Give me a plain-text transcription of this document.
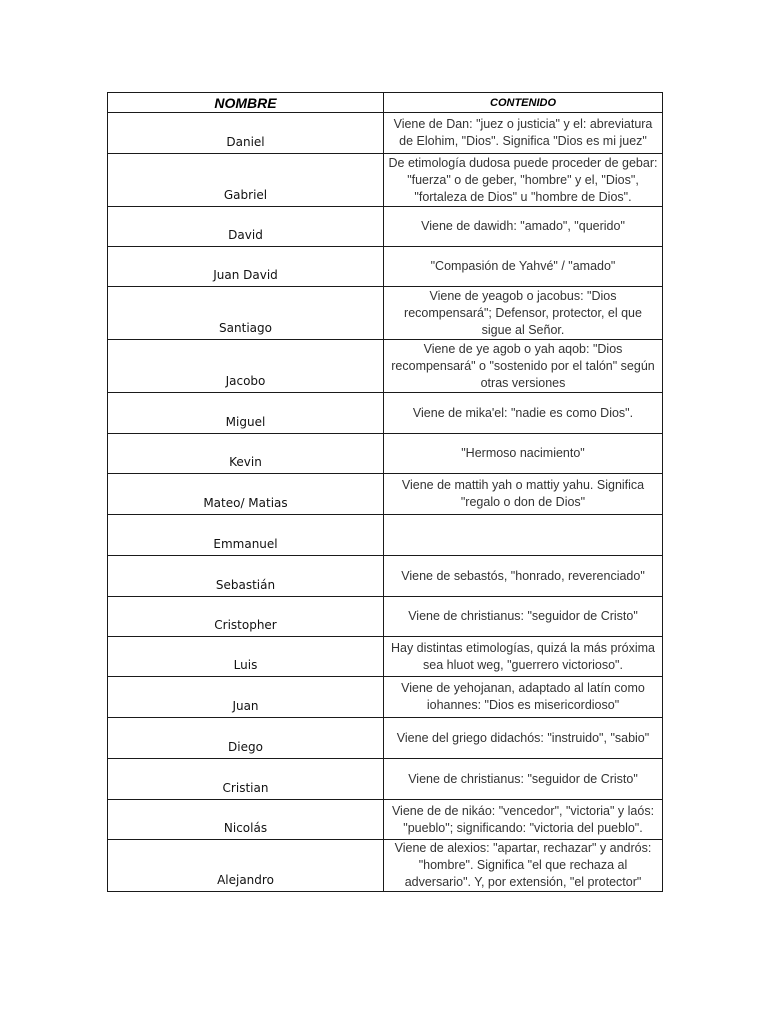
NOMBRE	CONTENIDO
Daniel	Viene de Dan: "juez o justicia" y el: abreviatura de Elohim, "Dios". Significa "Dios es mi juez"
Gabriel	De etimología dudosa puede proceder de gebar: "fuerza" o de geber, "hombre" y el, "Dios", "fortaleza de Dios" u "hombre de Dios".
David	Viene de dawidh: "amado", "querido"
Juan David	"Compasión de Yahvé" / "amado"
Santiago	Viene de yeagob o jacobus: "Dios recompensará"; Defensor, protector, el que sigue al Señor.
Jacobo	Viene de ye agob o yah aqob: "Dios recompensará" o "sostenido por el talón" según otras versiones
Miguel	Viene de mika'el: "nadie es como Dios".
Kevin	"Hermoso nacimiento"
Mateo/ Matias	Viene de mattih yah o mattiy yahu. Significa "regalo o don de Dios"
Emmanuel	
Sebastián	Viene de sebastós, "honrado, reverenciado"
Cristopher	Viene de christianus: "seguidor de Cristo"
Luis	Hay distintas etimologías, quizá la más próxima sea hluot weg, "guerrero victorioso".
Juan	Viene de yehojanan, adaptado al latín como iohannes: "Dios es misericordioso"
Diego	Viene del griego didachós: "instruido", "sabio"
Cristian	Viene de christianus: "seguidor de Cristo"
Nicolás	Viene de de nikáo: "vencedor", "victoria" y laós: "pueblo"; significando: "victoria del pueblo".
Alejandro	Viene de alexios: "apartar, rechazar" y andrós: "hombre". Significa "el que rechaza al adversario". Y, por extensión, "el protector"
